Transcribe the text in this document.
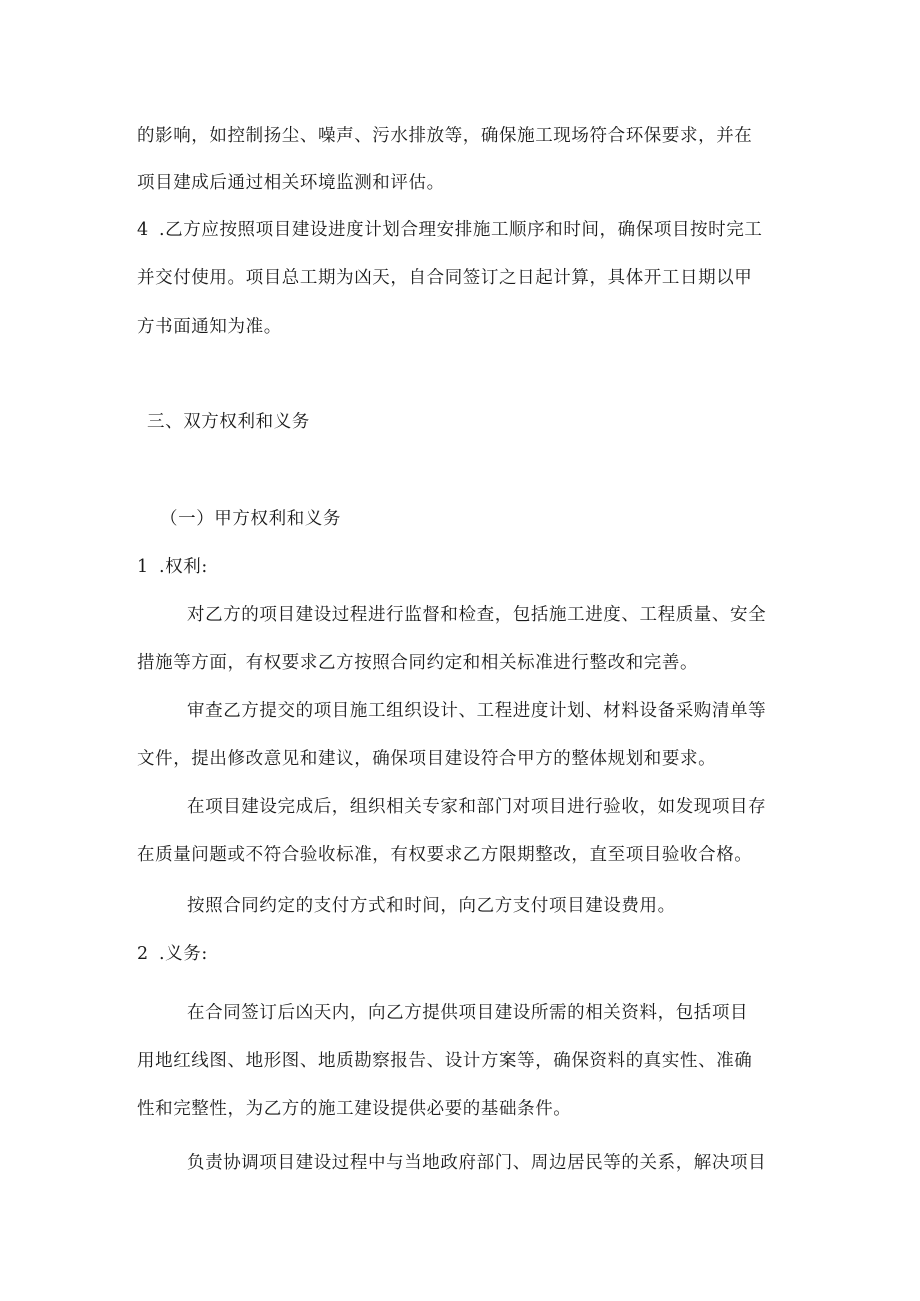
的影响，如控制扬尘、噪声、污水排放等，确保施工现场符合环保要求，并在
项目建成后通过相关环境监测和评估。
4 .乙方应按照项目建设进度计划合理安排施工顺序和时间，确保项目按时完工
并交付使用。项目总工期为凶天，自合同签订之日起计算，具体开工日期以甲
方书面通知为准。
三、双方权利和义务
（一）甲方权利和义务
1 .权利:
对乙方的项目建设过程进行监督和检查，包括施工进度、工程质量、安全
措施等方面，有权要求乙方按照合同约定和相关标准进行整改和完善。
审查乙方提交的项目施工组织设计、工程进度计划、材料设备采购清单等
文件，提出修改意见和建议，确保项目建设符合甲方的整体规划和要求。
在项目建设完成后，组织相关专家和部门对项目进行验收，如发现项目存
在质量问题或不符合验收标准，有权要求乙方限期整改，直至项目验收合格。
按照合同约定的支付方式和时间，向乙方支付项目建设费用。
2 .义务:
在合同签订后凶天内，向乙方提供项目建设所需的相关资料，包括项目
用地红线图、地形图、地质勘察报告、设计方案等，确保资料的真实性、准确
性和完整性，为乙方的施工建设提供必要的基础条件。
负责协调项目建设过程中与当地政府部门、周边居民等的关系，解决项目
